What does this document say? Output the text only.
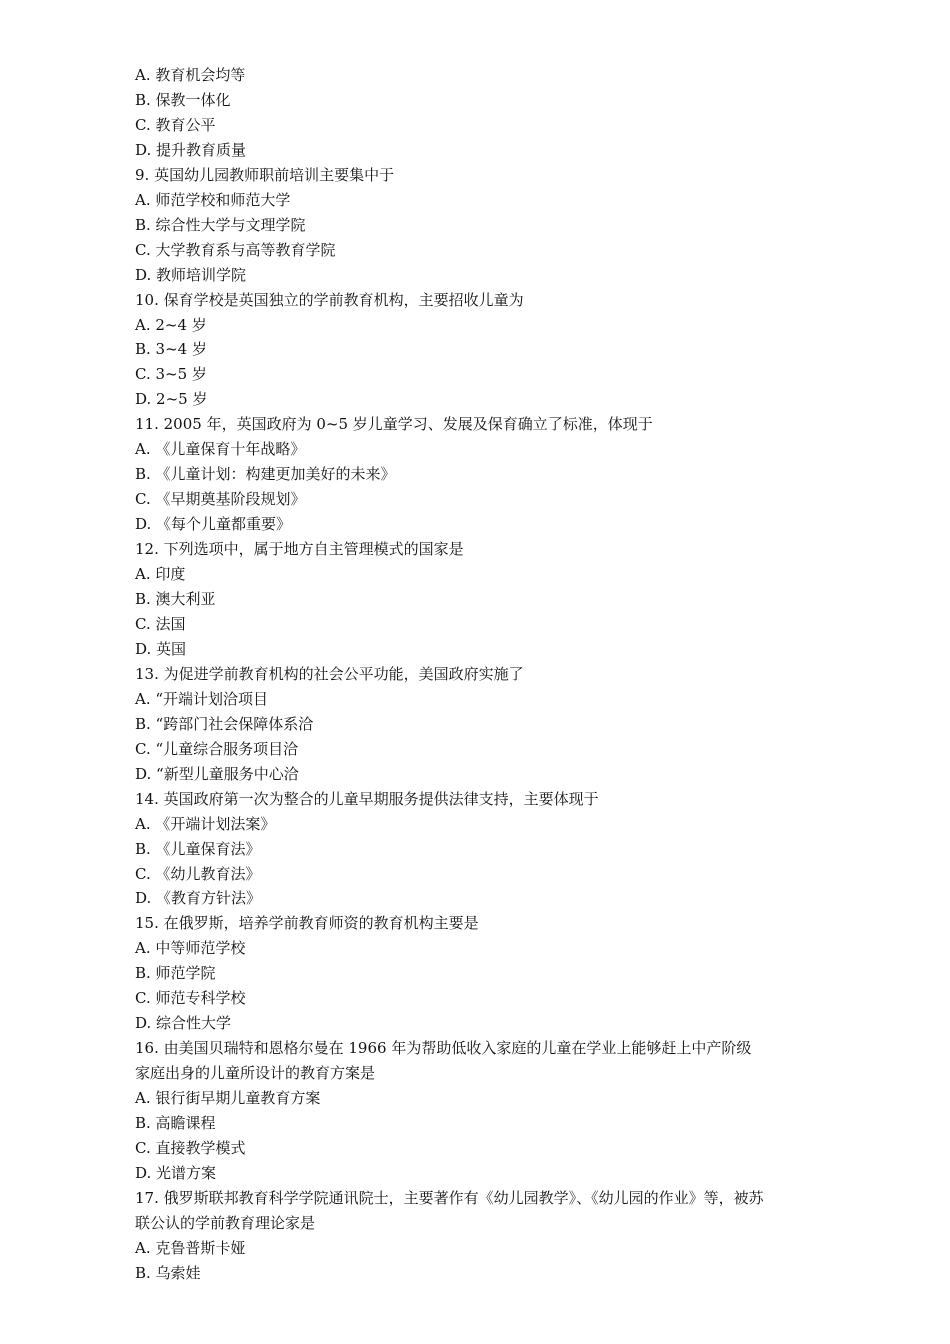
A. 教育机会均等
B. 保教一体化
C. 教育公平
D. 提升教育质量
9. 英国幼儿园教师职前培训主要集中于
A. 师范学校和师范大学
B. 综合性大学与文理学院
C. 大学教育系与高等教育学院
D. 教师培训学院
10. 保育学校是英国独立的学前教育机构，主要招收儿童为
A. 2~4 岁
B. 3~4 岁
C. 3~5 岁
D. 2~5 岁
11. 2005 年，英国政府为 0~5 岁儿童学习、发展及保育确立了标准，体现于
A. 《儿童保育十年战略》
B. 《儿童计划：构建更加美好的未来》
C. 《早期奠基阶段规划》
D. 《每个儿童都重要》
12. 下列选项中，属于地方自主管理模式的国家是
A. 印度
B. 澳大利亚
C. 法国
D. 英国
13. 为促进学前教育机构的社会公平功能，美国政府实施了
A. “开端计划洽项目
B. “跨部门社会保障体系洽
C. “儿童综合服务项目洽
D. “新型儿童服务中心洽
14. 英国政府第一次为整合的儿童早期服务提供法律支持，主要体现于
A. 《开端计划法案》
B. 《儿童保育法》
C. 《幼儿教育法》
D. 《教育方针法》
15. 在俄罗斯，培养学前教育师资的教育机构主要是
A. 中等师范学校
B. 师范学院
C. 师范专科学校
D. 综合性大学
16. 由美国贝瑞特和恩格尔曼在 1966 年为帮助低收入家庭的儿童在学业上能够赶上中产阶级
家庭出身的儿童所设计的教育方案是
A. 银行街早期儿童教育方案
B. 高瞻课程
C. 直接教学模式
D. 光谱方案
17. 俄罗斯联邦教育科学学院通讯院士，主要著作有《幼儿园教学》、《幼儿园的作业》等，被苏
联公认的学前教育理论家是
A. 克鲁普斯卡娅
B. 乌索娃
